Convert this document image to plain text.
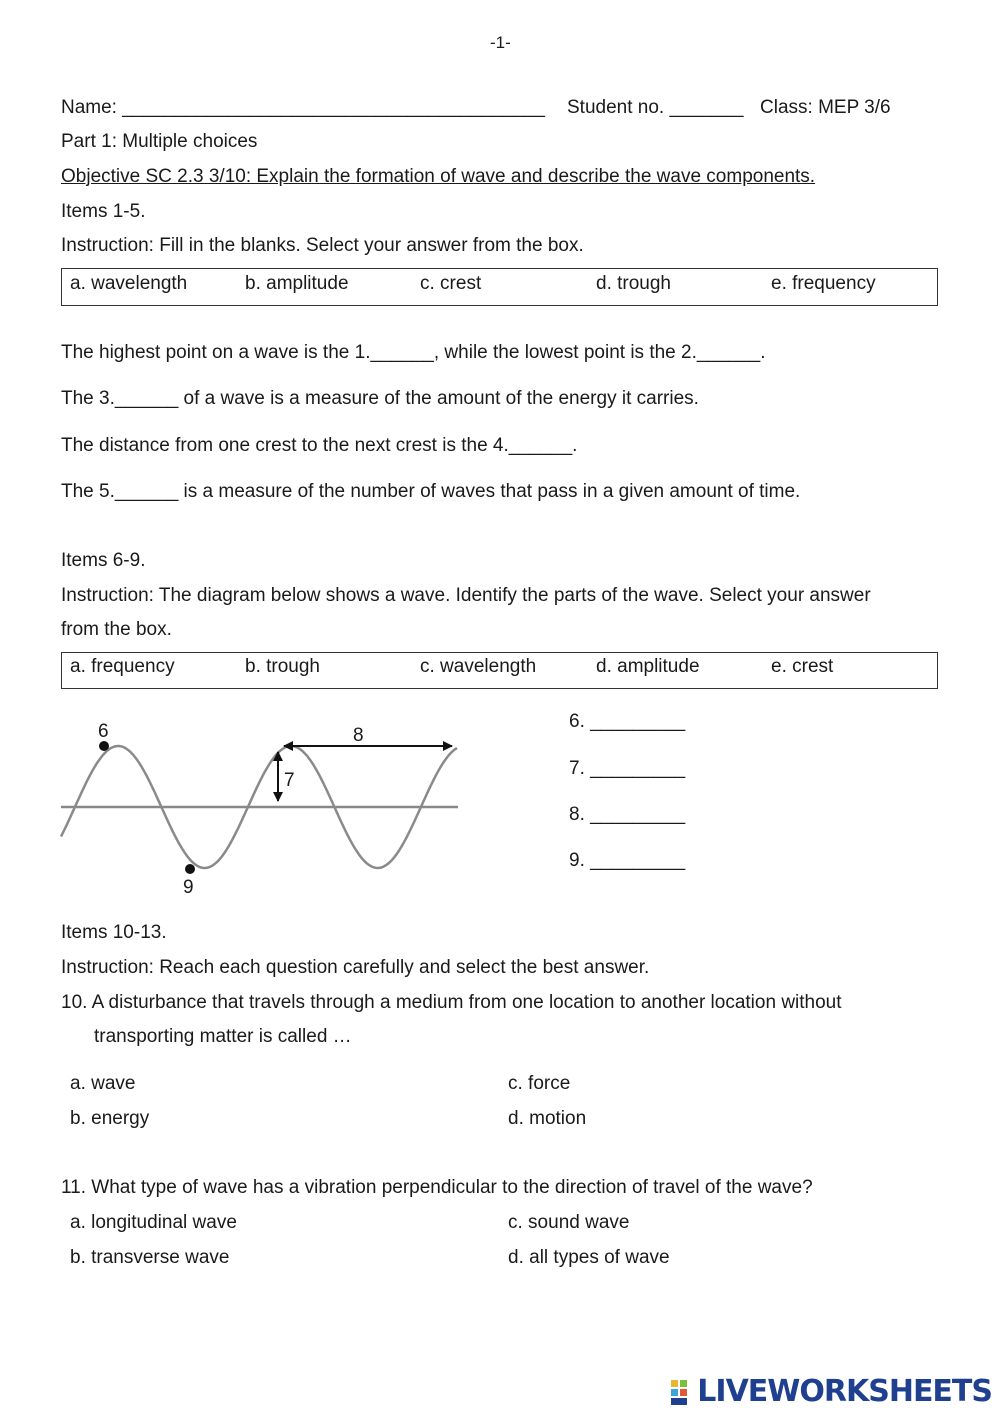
-1-
Name: ________________________________________ Student no. _______ Class: MEP 3/6
Part 1: Multiple choices
Objective SC 2.3 3/10: Explain the formation of wave and describe the wave components.
Items 1-5.
Instruction: Fill in the blanks. Select your answer from the box.
a. wavelength	b. amplitude	c. crest	d. trough	e. frequency
The highest point on a wave is the 1.______, while the lowest point is the 2.______.
The 3.______ of a wave is a measure of the amount of the energy it carries.
The distance from one crest to the next crest is the 4.______.
The 5.______ is a measure of the number of waves that pass in a given amount of time.
Items 6-9.
Instruction: The diagram below shows a wave. Identify the parts of the wave. Select your answer
from the box.
a. frequency	b. trough	c. wavelength	d. amplitude	e. crest
6
7
8
9
6. _________
7. _________
8. _________
9. _________
Items 10-13.
Instruction: Reach each question carefully and select the best answer.
10. A disturbance that travels through a medium from one location to another location without
transporting matter is called …
a. wave	c. force
b. energy	d. motion
11. What type of wave has a vibration perpendicular to the direction of travel of the wave?
a. longitudinal wave	c. sound wave
b. transverse wave	d. all types of wave
LIVEWORKSHEETS
